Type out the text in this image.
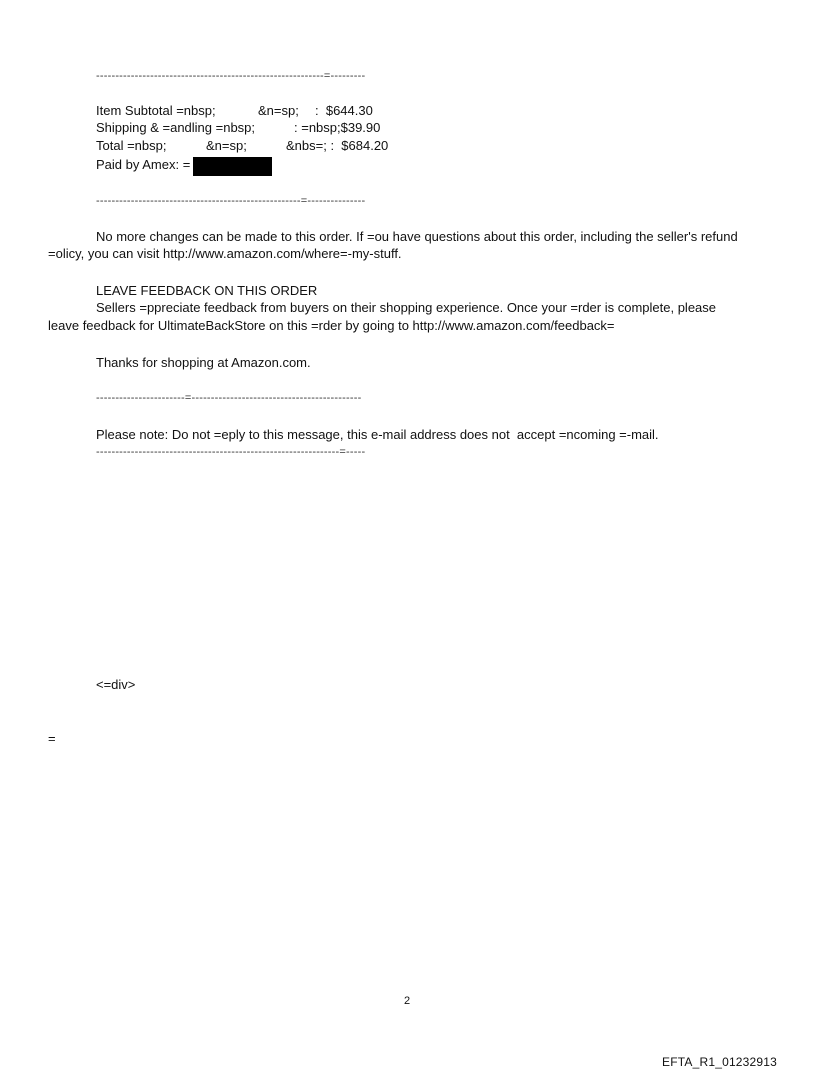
-----------------------------------------------------------=---------
Item Subtotal =nbsp;	&n=sp; :  $644.30
Shipping & =andling =nbsp;	: =nbsp;$39.90
Total =nbsp;	&n=sp;	&nbs=; :  $684.20
Paid by Amex: =
-----------------------------------------------------=---------------
No more changes can be made to this order. If =ou have questions about this order, including the seller's refund
=olicy, you can visit http://www.amazon.com/where=-my-stuff.
LEAVE FEEDBACK ON THIS ORDER
Sellers =ppreciate feedback from buyers on their shopping experience. Once your =rder is complete, please
leave feedback for UltimateBackStore on this =rder by going to http://www.amazon.com/feedback=
Thanks for shopping at Amazon.com.
-----------------------=--------------------------------------------
Please note: Do not =eply to this message, this e-mail address does not  accept =ncoming =-mail.
---------------------------------------------------------------=-----
<=div>
=
2
EFTA_R1_01232913
